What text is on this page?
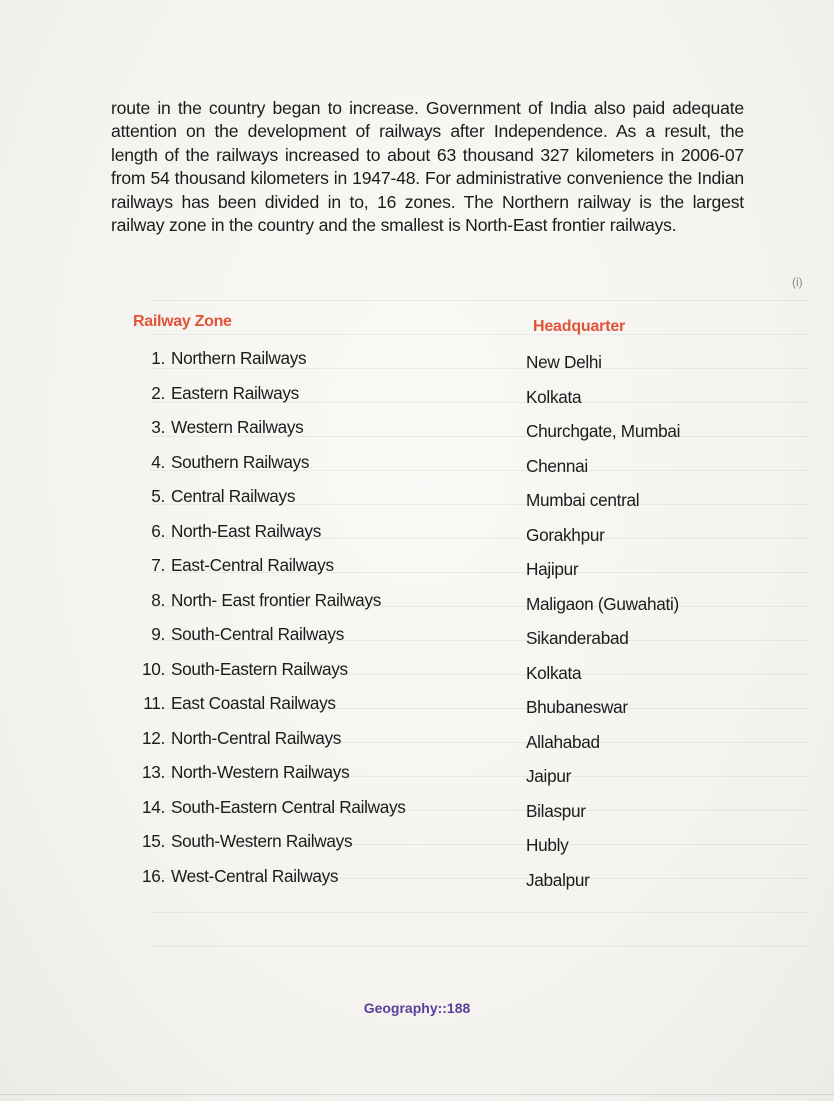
route in the country began to increase. Government of India also paid adequate attention on the development of railways after Independence. As a result, the length of the railways increased to about 63 thousand 327 kilometers in 2006-07 from 54 thousand kilometers in 1947-48. For administrative convenience the Indian railways has been divided in to, 16 zones. The Northern railway is the largest railway zone in the country and the smallest is North-East frontier railways.

(i)
Railway Zone	Headquarter
1. Northern Railways	New Delhi
2. Eastern Railways	Kolkata
3. Western Railways	Churchgate, Mumbai
4. Southern Railways	Chennai
5. Central Railways	Mumbai central
6. North-East Railways	Gorakhpur
7. East-Central Railways	Hajipur
8. North- East frontier Railways	Maligaon (Guwahati)
9. South-Central Railways	Sikanderabad
10. South-Eastern Railways	Kolkata
11. East Coastal Railways	Bhubaneswar
12. North-Central Railways	Allahabad
13. North-Western Railways	Jaipur
14. South-Eastern Central Railways	Bilaspur
15. South-Western Railways	Hubly
16. West-Central Railways	Jabalpur
Geography::188
